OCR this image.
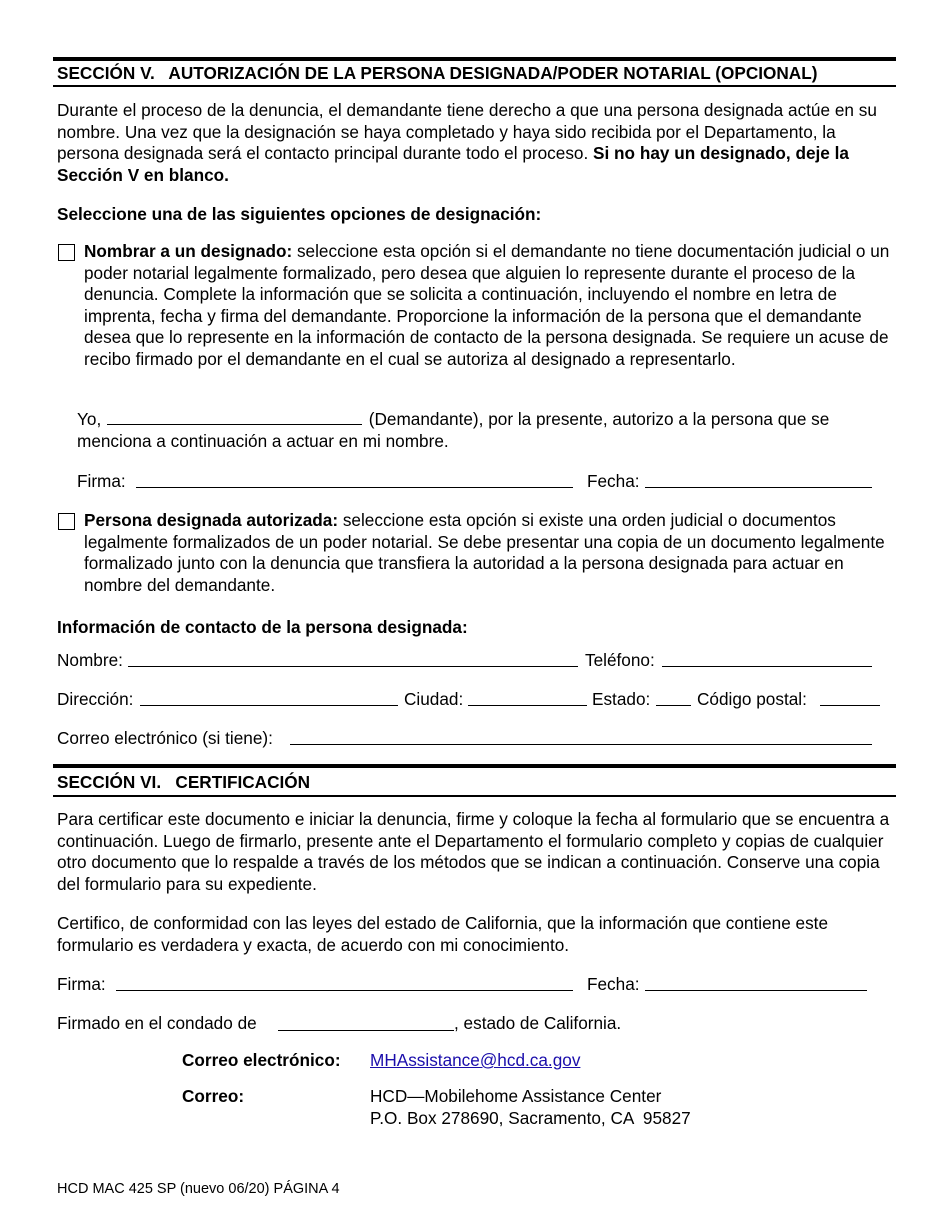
SECCIÓN V.   AUTORIZACIÓN DE LA PERSONA DESIGNADA/PODER NOTARIAL (OPCIONAL)
Durante el proceso de la denuncia, el demandante tiene derecho a que una persona designada actúe en su nombre. Una vez que la designación se haya completado y haya sido recibida por el Departamento, la persona designada será el contacto principal durante todo el proceso. Si no hay un designado, deje la Sección V en blanco.
Seleccione una de las siguientes opciones de designación:
Nombrar a un designado: seleccione esta opción si el demandante no tiene documentación judicial o un poder notarial legalmente formalizado, pero desea que alguien lo represente durante el proceso de la denuncia. Complete la información que se solicita a continuación, incluyendo el nombre en letra de imprenta, fecha y firma del demandante. Proporcione la información de la persona que el demandante desea que lo represente en la información de contacto de la persona designada. Se requiere un acuse de recibo firmado por el demandante en el cual se autoriza al designado a representarlo.
Yo,	(Demandante), por la presente, autorizo a la persona que se menciona a continuación a actuar en mi nombre.
Firma:	Fecha:
Persona designada autorizada: seleccione esta opción si existe una orden judicial o documentos legalmente formalizados de un poder notarial. Se debe presentar una copia de un documento legalmente formalizado junto con la denuncia que transfiera la autoridad a la persona designada para actuar en nombre del demandante.
Información de contacto de la persona designada:
Nombre:	Teléfono:
Dirección:	Ciudad:	Estado:	Código postal:
Correo electrónico (si tiene):
SECCIÓN VI.   CERTIFICACIÓN
Para certificar este documento e iniciar la denuncia, firme y coloque la fecha al formulario que se encuentra a continuación. Luego de firmarlo, presente ante el Departamento el formulario completo y copias de cualquier otro documento que lo respalde a través de los métodos que se indican a continuación. Conserve una copia del formulario para su expediente.
Certifico, de conformidad con las leyes del estado de California, que la información que contiene este formulario es verdadera y exacta, de acuerdo con mi conocimiento.
Firma:	Fecha:
Firmado en el condado de	, estado de California.
Correo electrónico: MHAssistance@hcd.ca.gov
Correo:	HCD—Mobilehome Assistance Center
P.O. Box 278690, Sacramento, CA  95827
HCD MAC 425 SP (nuevo 06/20) PÁGINA 4
